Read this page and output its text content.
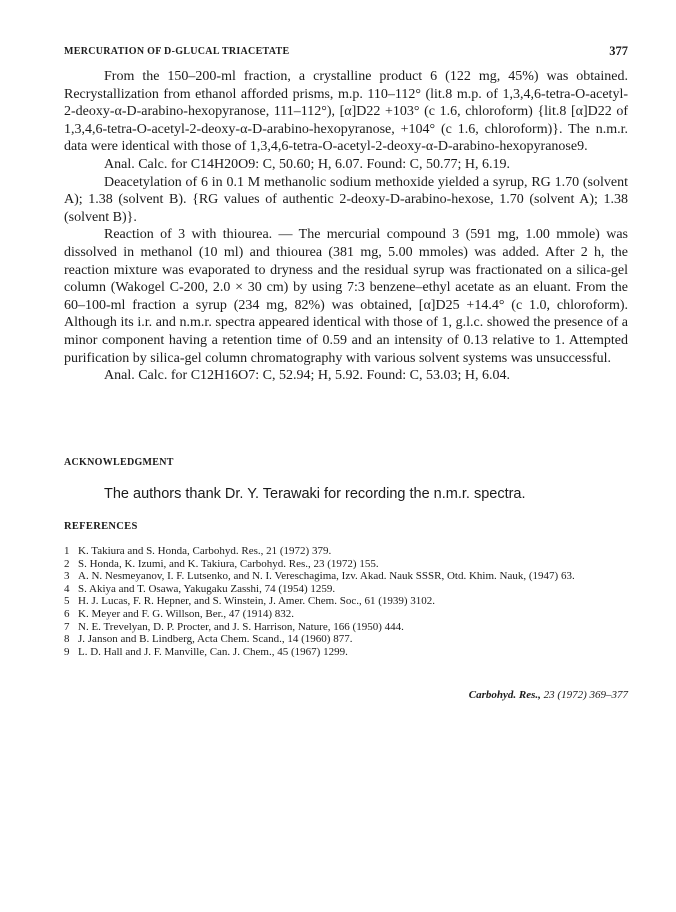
MERCURATION OF D-GLUCAL TRIACETATE	377

From the 150–200-ml fraction, a crystalline product 6 (122 mg, 45%) was obtained. Recrystallization from ethanol afforded prisms, m.p. 110–112° (lit.8 m.p. of 1,3,4,6-tetra-O-acetyl-2-deoxy-α-D-arabino-hexopyranose, 111–112°), [α]D22 +103° (c 1.6, chloroform) {lit.8 [α]D22 of 1,3,4,6-tetra-O-acetyl-2-deoxy-α-D-arabino-hexopyranose, +104° (c 1.6, chloroform)}. The n.m.r. data were identical with those of 1,3,4,6-tetra-O-acetyl-2-deoxy-α-D-arabino-hexopyranose9.

Anal. Calc. for C14H20O9: C, 50.60; H, 6.07. Found: C, 50.77; H, 6.19.

Deacetylation of 6 in 0.1 M methanolic sodium methoxide yielded a syrup, RG 1.70 (solvent A); 1.38 (solvent B). {RG values of authentic 2-deoxy-D-arabino-hexose, 1.70 (solvent A); 1.38 (solvent B)}.

Reaction of 3 with thiourea. — The mercurial compound 3 (591 mg, 1.00 mmole) was dissolved in methanol (10 ml) and thiourea (381 mg, 5.00 mmoles) was added. After 2 h, the reaction mixture was evaporated to dryness and the residual syrup was fractionated on a silica-gel column (Wakogel C-200, 2.0 × 30 cm) by using 7:3 benzene–ethyl acetate as an eluant. From the 60–100-ml fraction a syrup (234 mg, 82%) was obtained, [α]D25 +14.4° (c 1.0, chloroform). Although its i.r. and n.m.r. spectra appeared identical with those of 1, g.l.c. showed the presence of a minor component having a retention time of 0.59 and an intensity of 0.13 relative to 1. Attempted purification by silica-gel column chromatography with various solvent systems was unsuccessful.

Anal. Calc. for C12H16O7: C, 52.94; H, 5.92. Found: C, 53.03; H, 6.04.

ACKNOWLEDGMENT
The authors thank Dr. Y. Terawaki for recording the n.m.r. spectra.
REFERENCES
1 K. Takiura and S. Honda, Carbohyd. Res., 21 (1972) 379.
2 S. Honda, K. Izumi, and K. Takiura, Carbohyd. Res., 23 (1972) 155.
3 A. N. Nesmeyanov, I. F. Lutsenko, and N. I. Vereschagima, Izv. Akad. Nauk SSSR, Otd. Khim. Nauk, (1947) 63.
4 S. Akiya and T. Osawa, Yakugaku Zasshi, 74 (1954) 1259.
5 H. J. Lucas, F. R. Hepner, and S. Winstein, J. Amer. Chem. Soc., 61 (1939) 3102.
6 K. Meyer and F. G. Willson, Ber., 47 (1914) 832.
7 N. E. Trevelyan, D. P. Procter, and J. S. Harrison, Nature, 166 (1950) 444.
8 J. Janson and B. Lindberg, Acta Chem. Scand., 14 (1960) 877.
9 L. D. Hall and J. F. Manville, Can. J. Chem., 45 (1967) 1299.
Carbohyd. Res., 23 (1972) 369–377
